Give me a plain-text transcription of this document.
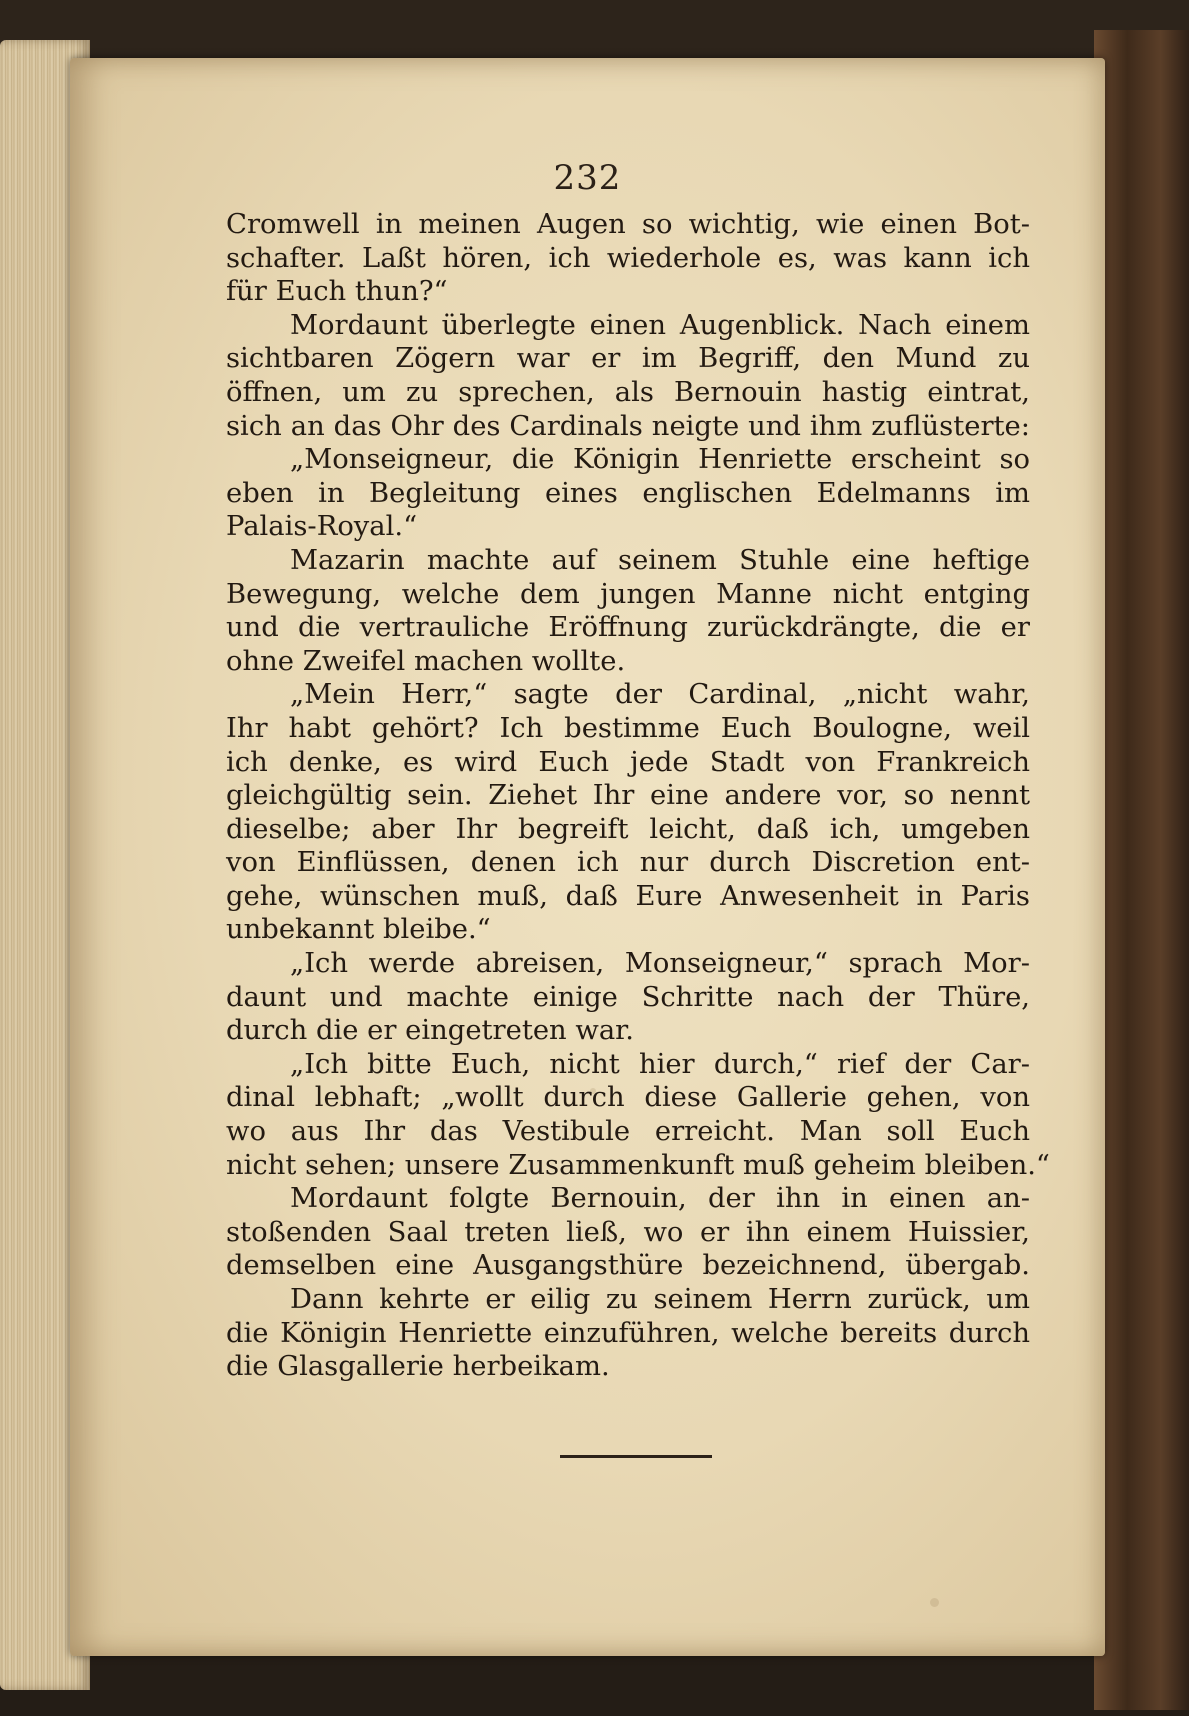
232
Cromwell in meinen Augen so wichtig, wie einen Bot-
schafter. Laßt hören, ich wiederhole es, was kann ich
für Euch thun?“
Mordaunt überlegte einen Augenblick. Nach einem
sichtbaren Zögern war er im Begriff, den Mund zu
öffnen, um zu sprechen, als Bernouin hastig eintrat,
sich an das Ohr des Cardinals neigte und ihm zuflüsterte:
„Monseigneur, die Königin Henriette erscheint so
eben in Begleitung eines englischen Edelmanns im
Palais-Royal.“
Mazarin machte auf seinem Stuhle eine heftige
Bewegung, welche dem jungen Manne nicht entging
und die vertrauliche Eröffnung zurückdrängte, die er
ohne Zweifel machen wollte.
„Mein Herr,“ sagte der Cardinal, „nicht wahr,
Ihr habt gehört? Ich bestimme Euch Boulogne, weil
ich denke, es wird Euch jede Stadt von Frankreich
gleichgültig sein. Ziehet Ihr eine andere vor, so nennt
dieselbe; aber Ihr begreift leicht, daß ich, umgeben
von Einflüssen, denen ich nur durch Discretion ent-
gehe, wünschen muß, daß Eure Anwesenheit in Paris
unbekannt bleibe.“
„Ich werde abreisen, Monseigneur,“ sprach Mor-
daunt und machte einige Schritte nach der Thüre,
durch die er eingetreten war.
„Ich bitte Euch, nicht hier durch,“ rief der Car-
dinal lebhaft; „wollt durch diese Gallerie gehen, von
wo aus Ihr das Vestibule erreicht. Man soll Euch
nicht sehen; unsere Zusammenkunft muß geheim bleiben.“
Mordaunt folgte Bernouin, der ihn in einen an-
stoßenden Saal treten ließ, wo er ihn einem Huissier,
demselben eine Ausgangsthüre bezeichnend, übergab.
Dann kehrte er eilig zu seinem Herrn zurück, um
die Königin Henriette einzuführen, welche bereits durch
die Glasgallerie herbeikam.
